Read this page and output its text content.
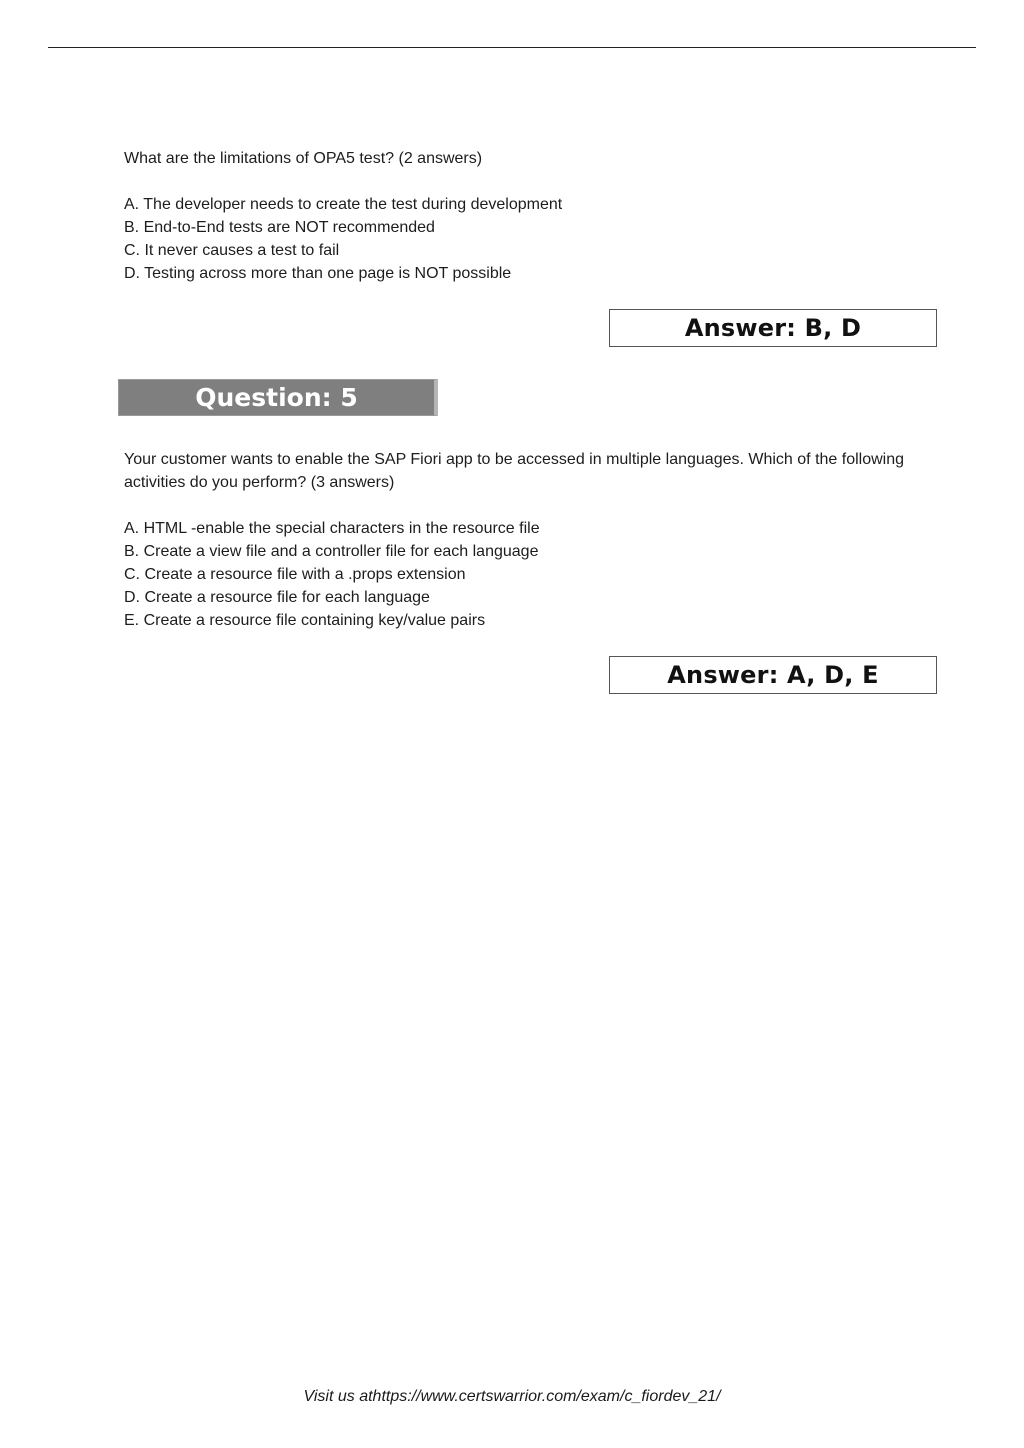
What are the limitations of OPA5 test? (2 answers)
A. The developer needs to create the test during development
B. End-to-End tests are NOT recommended
C. It never causes a test to fail
D. Testing across more than one page is NOT possible
Answer: B, D
Question: 5
Your customer wants to enable the SAP Fiori app to be accessed in multiple languages. Which of the following activities do you perform? (3 answers)
A. HTML -enable the special characters in the resource file
B. Create a view file and a controller file for each language
C. Create a resource file with a .props extension
D. Create a resource file for each language
E. Create a resource file containing key/value pairs
Answer: A, D, E
Visit us athttps://www.certswarrior.com/exam/c_fiordev_21/
